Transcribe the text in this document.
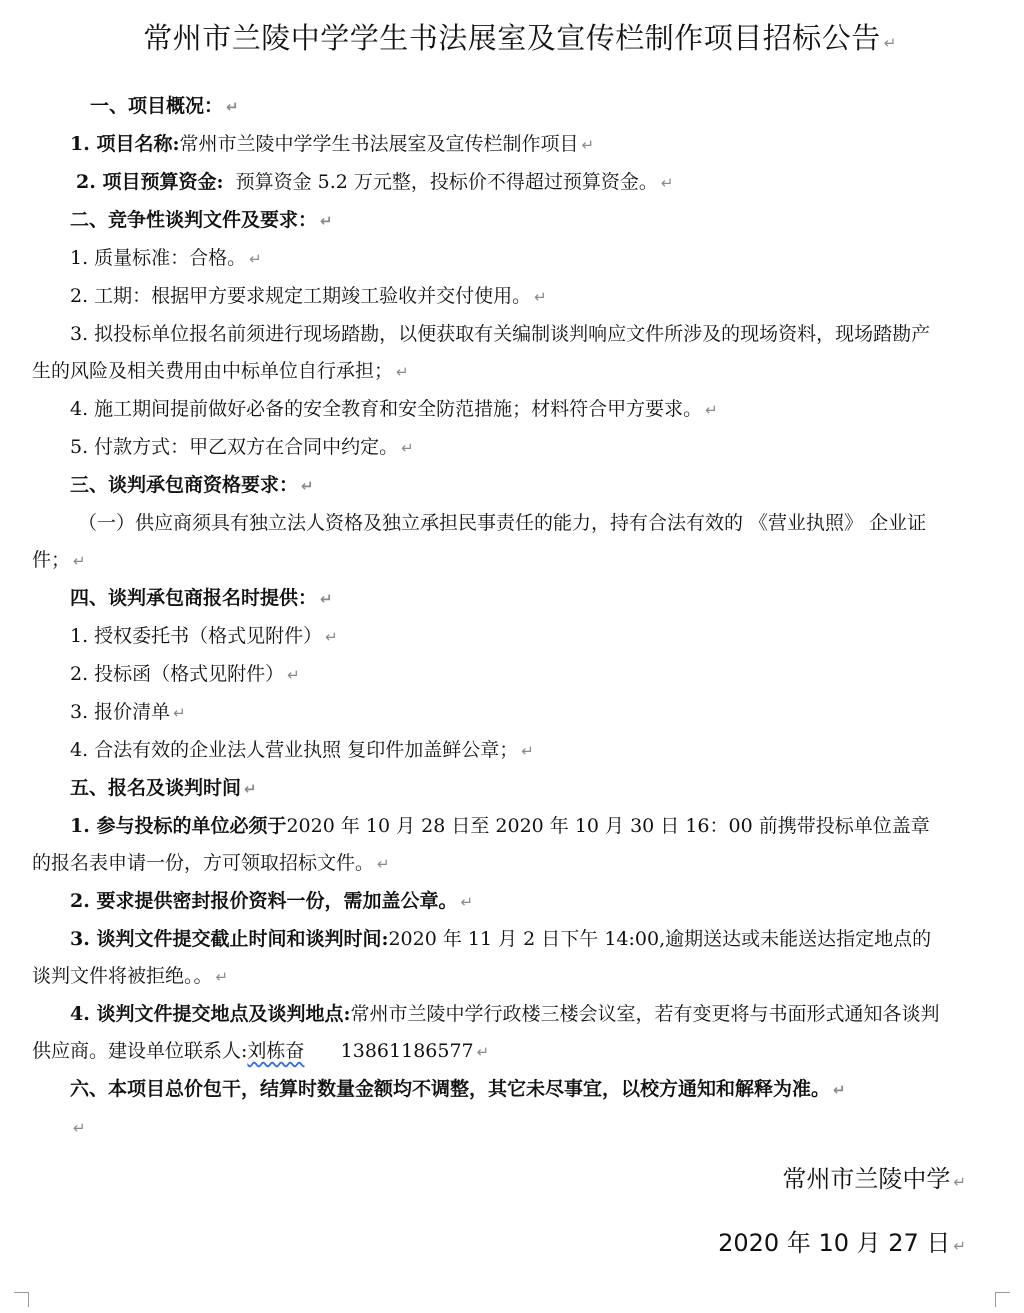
常州市兰陵中学学生书法展室及宣传栏制作项目招标公告 ↵

一、项目概况： ↵

1. 项目名称:常州市兰陵中学学生书法展室及宣传栏制作项目 ↵

2. 项目预算资金: 预算资金 5.2 万元整，投标价不得超过预算资金。 ↵

二、竞争性谈判文件及要求： ↵

1. 质量标准：合格。 ↵

2. 工期：根据甲方要求规定工期竣工验收并交付使用。 ↵

3. 拟投标单位报名前须进行现场踏勘，以便获取有关编制谈判响应文件所涉及的现场资料，现场踏勘产生的风险及相关费用由中标单位自行承担； ↵

4. 施工期间提前做好必备的安全教育和安全防范措施；材料符合甲方要求。 ↵

5. 付款方式：甲乙双方在合同中约定。 ↵

三、谈判承包商资格要求： ↵

（一）供应商须具有独立法人资格及独立承担民事责任的能力，持有合法有效的 《营业执照》 企业证件； ↵

四、谈判承包商报名时提供： ↵

1. 授权委托书（格式见附件） ↵

2. 投标函（格式见附件） ↵

3. 报价清单 ↵

4. 合法有效的企业法人营业执照 复印件加盖鲜公章； ↵

五、报名及谈判时间 ↵

1. 参与投标的单位必须于2020 年 10 月 28 日至 2020 年 10 月 30 日 16：00 前携带投标单位盖章的报名表申请一份，方可领取招标文件。 ↵

2. 要求提供密封报价资料一份，需加盖公章。 ↵

3. 谈判文件提交截止时间和谈判时间:2020 年 11 月 2 日下午 14:00,逾期送达或未能送达指定地点的谈判文件将被拒绝。。 ↵

4. 谈判文件提交地点及谈判地点:常州市兰陵中学行政楼三楼会议室，若有变更将与书面形式通知各谈判供应商。建设单位联系人:刘栋奋 13861186577 ↵

六、本项目总价包干，结算时数量金额均不调整，其它未尽事宜，以校方通知和解释为准。 ↵

↵

常州市兰陵中学 ↵
2020 年 10 月 27 日 ↵
